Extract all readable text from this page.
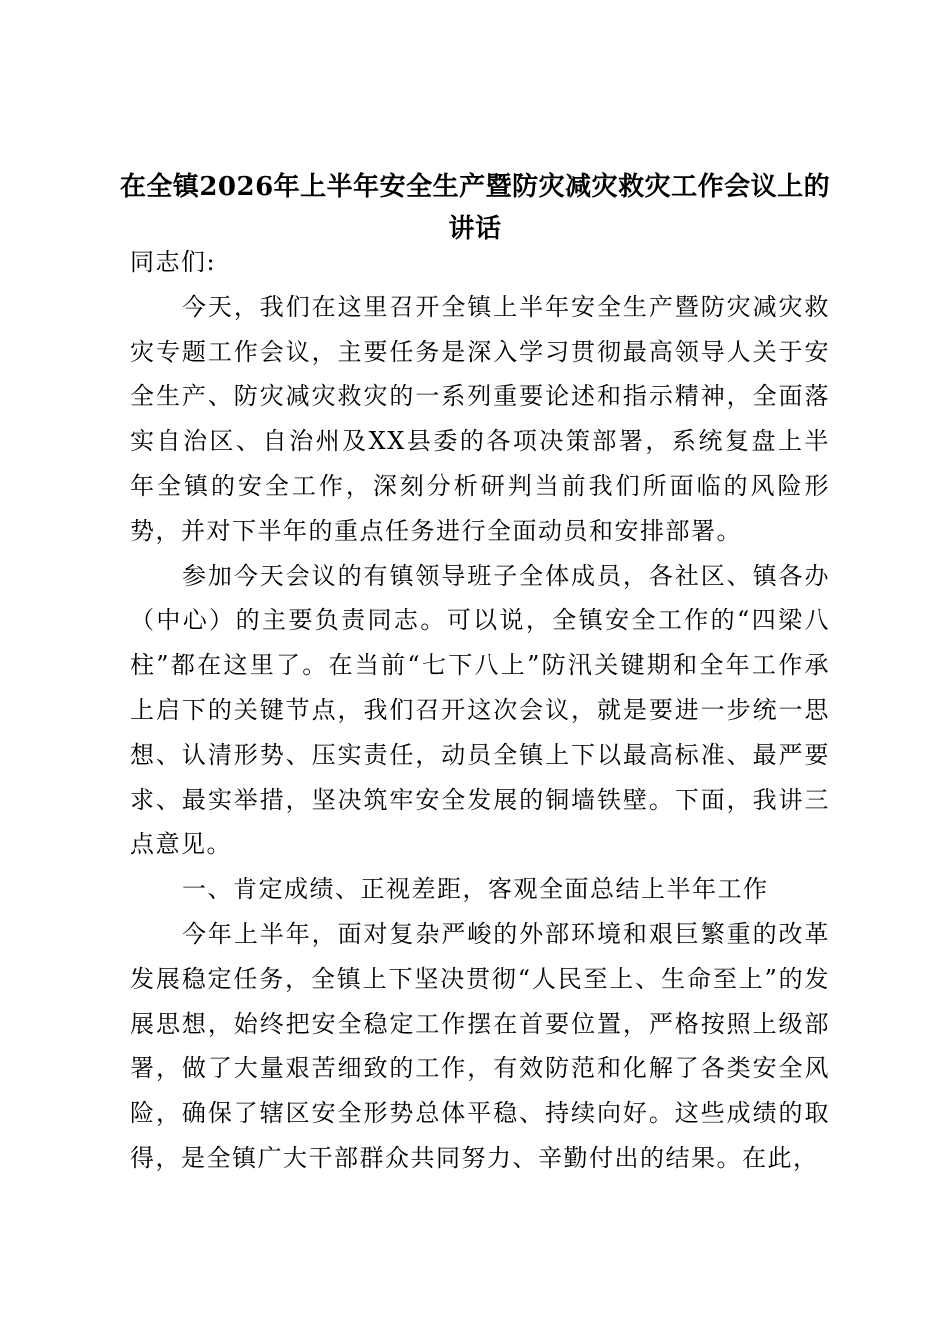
在全镇2026年上半年安全生产暨防灾减灾救灾工作会议上的讲话

同志们:

今天，我们在这里召开全镇上半年安全生产暨防灾减灾救灾专题工作会议，主要任务是深入学习贯彻最高领导人关于安全生产、防灾减灾救灾的一系列重要论述和指示精神，全面落实自治区、自治州及XX县委的各项决策部署，系统复盘上半年全镇的安全工作，深刻分析研判当前我们所面临的风险形势，并对下半年的重点任务进行全面动员和安排部署。

参加今天会议的有镇领导班子全体成员，各社区、镇各办（中心）的主要负责同志。可以说，全镇安全工作的“四梁八柱”都在这里了。在当前“七下八上”防汛关键期和全年工作承上启下的关键节点，我们召开这次会议，就是要进一步统一思想、认清形势、压实责任，动员全镇上下以最高标准、最严要求、最实举措，坚决筑牢安全发展的铜墙铁壁。下面，我讲三点意见。

一、肯定成绩、正视差距，客观全面总结上半年工作

今年上半年，面对复杂严峻的外部环境和艰巨繁重的改革发展稳定任务，全镇上下坚决贯彻“人民至上、生命至上”的发展思想，始终把安全稳定工作摆在首要位置，严格按照上级部署，做了大量艰苦细致的工作，有效防范和化解了各类安全风险，确保了辖区安全形势总体平稳、持续向好。这些成绩的取得，是全镇广大干部群众共同努力、辛勤付出的结果。在此，
